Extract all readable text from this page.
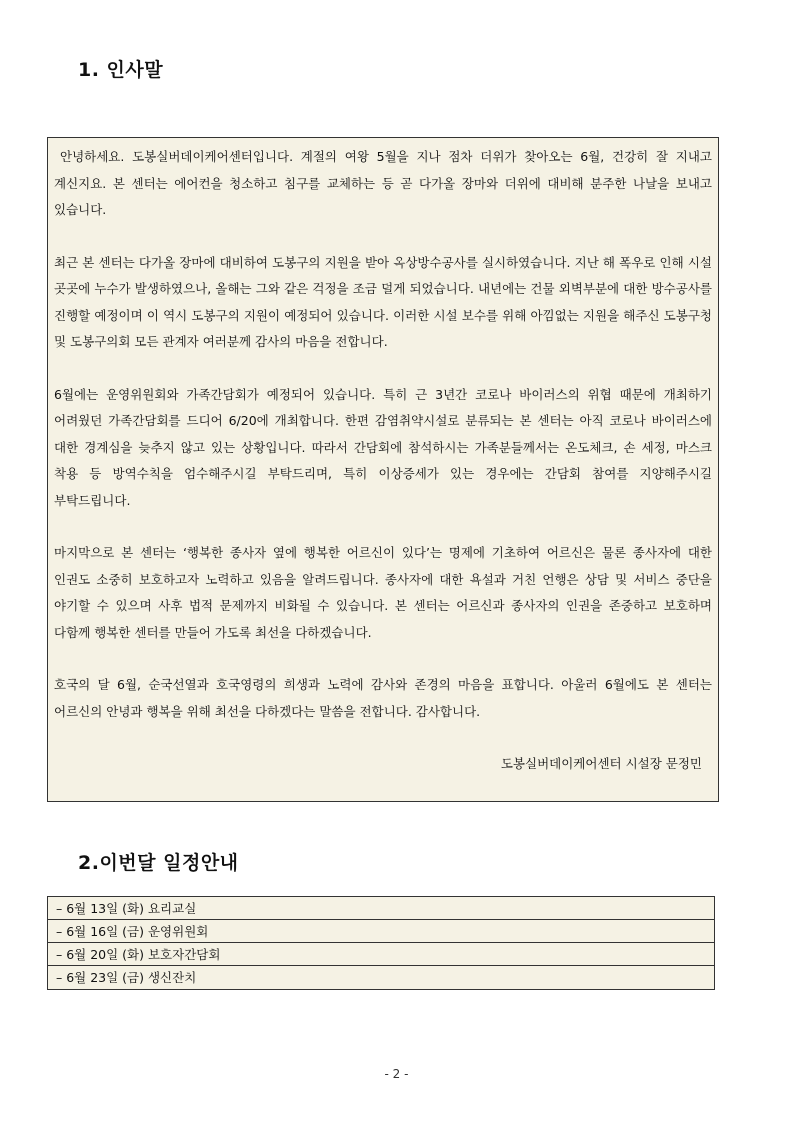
1. 인사말

안녕하세요. 도봉실버데이케어센터입니다. 계절의 여왕 5월을 지나 점차 더위가 찾아오는 6월, 건강히 잘 지내고 계신지요. 본 센터는 에어컨을 청소하고 침구를 교체하는 등 곧 다가올 장마와 더위에 대비해 분주한 나날을 보내고 있습니다.

최근 본 센터는 다가올 장마에 대비하여 도봉구의 지원을 받아 옥상방수공사를 실시하였습니다. 지난 해 폭우로 인해 시설 곳곳에 누수가 발생하였으나, 올해는 그와 같은 걱정을 조금 덜게 되었습니다. 내년에는 건물 외벽부분에 대한 방수공사를 진행할 예정이며 이 역시 도봉구의 지원이 예정되어 있습니다. 이러한 시설 보수를 위해 아낌없는 지원을 해주신 도봉구청 및 도봉구의회 모든 관계자 여러분께 감사의 마음을 전합니다.

6월에는 운영위원회와 가족간담회가 예정되어 있습니다. 특히 근 3년간 코로나 바이러스의 위협 때문에 개최하기 어려웠던 가족간담회를 드디어 6/20에 개최합니다. 한편 감염취약시설로 분류되는 본 센터는 아직 코로나 바이러스에 대한 경계심을 늦추지 않고 있는 상황입니다. 따라서 간담회에 참석하시는 가족분들께서는 온도체크, 손 세정, 마스크 착용 등 방역수칙을 엄수해주시길 부탁드리며, 특히 이상증세가 있는 경우에는 간담회 참여를 지양해주시길 부탁드립니다.

마지막으로 본 센터는 ‘행복한 종사자 옆에 행복한 어르신이 있다’는 명제에 기초하여 어르신은 물론 종사자에 대한 인권도 소중히 보호하고자 노력하고 있음을 알려드립니다. 종사자에 대한 욕설과 거친 언행은 상담 및 서비스 중단을 야기할 수 있으며 사후 법적 문제까지 비화될 수 있습니다. 본 센터는 어르신과 종사자의 인권을 존중하고 보호하며 다함께 행복한 센터를 만들어 가도록 최선을 다하겠습니다.

호국의 달 6월, 순국선열과 호국영령의 희생과 노력에 감사와 존경의 마음을 표합니다. 아울러 6월에도 본 센터는 어르신의 안녕과 행복을 위해 최선을 다하겠다는 말씀을 전합니다. 감사합니다.

도봉실버데이케어센터 시설장 문정민

2.이번달 일정안내
– 6월 13일 (화) 요리교실
– 6월 16일 (금) 운영위원회
– 6월 20일 (화) 보호자간담회
– 6월 23일 (금) 생신잔치
- 2 -
